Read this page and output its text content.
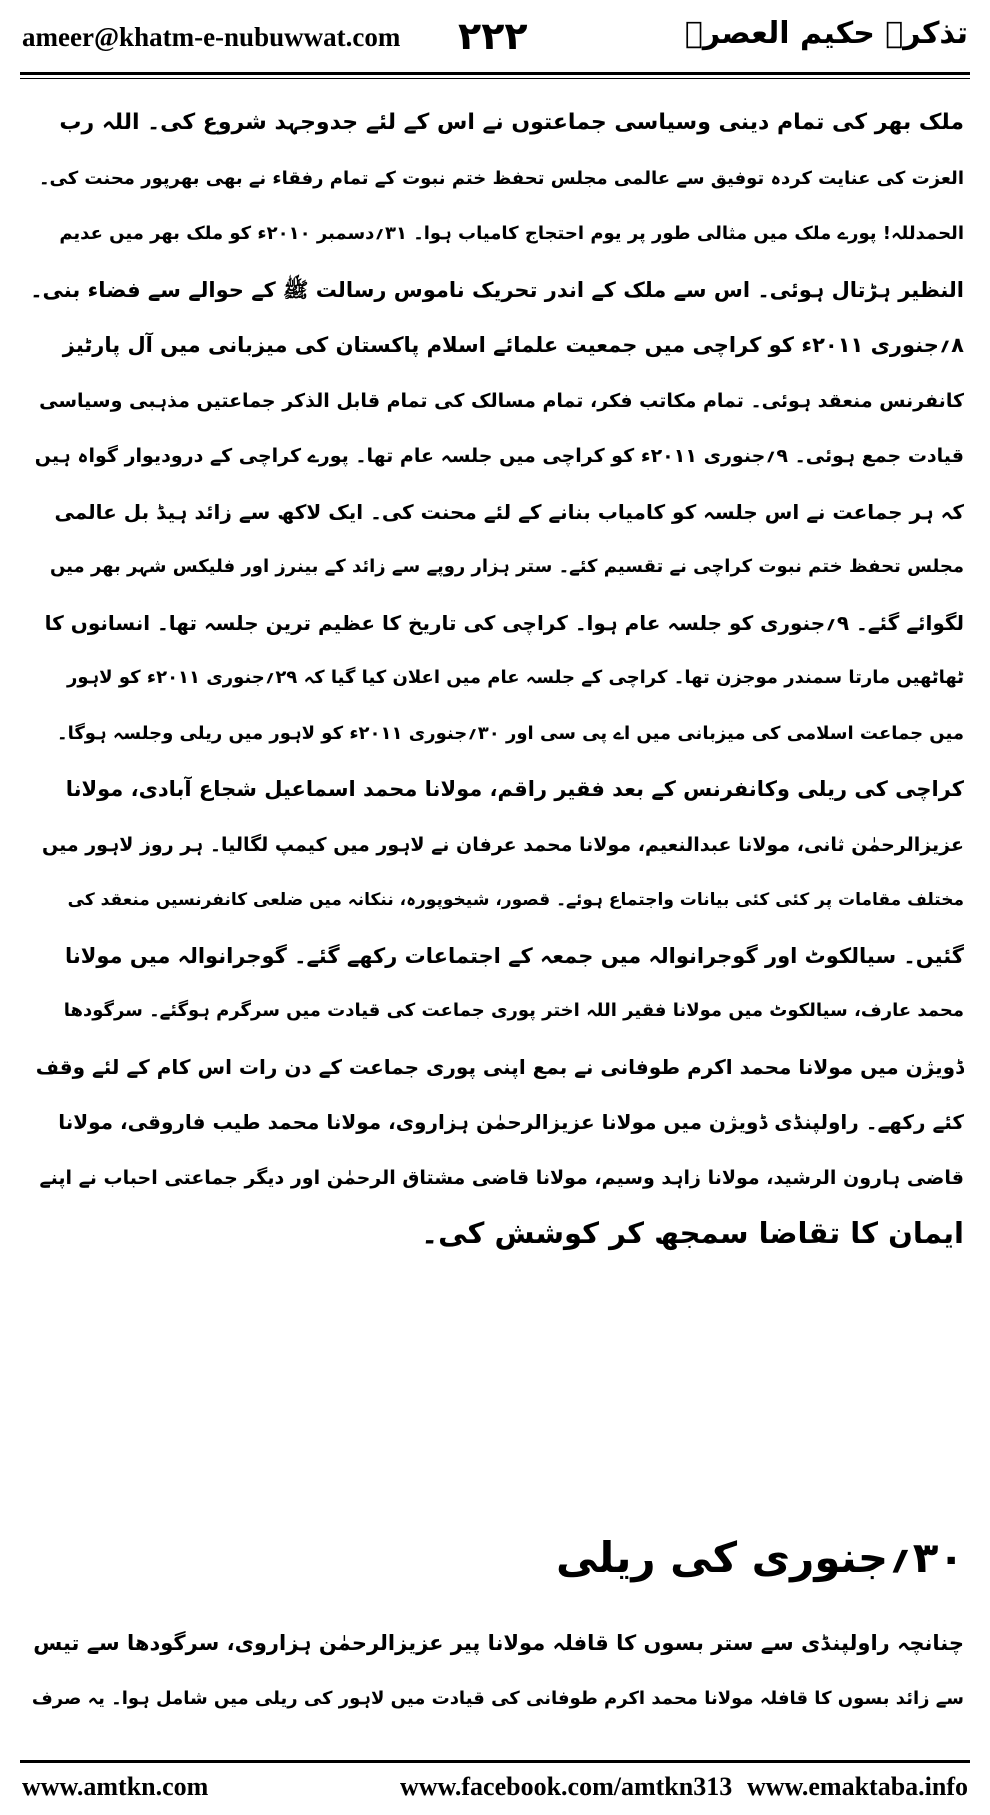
ameer@khatm-e-nubuwwat.com ۲۲۲	تذکرہ حکیم العصرؒ
ملک بھر کی تمام دینی وسیاسی جماعتوں نے اس کے لئے جدوجہد شروع کی۔ اللہ رب
العزت کی عنایت کردہ توفیق سے عالمی مجلس تحفظ ختم نبوت کے تمام رفقاء نے بھی بھرپور محنت کی۔
الحمدللہ! پورے ملک میں مثالی طور پر یوم احتجاج کامیاب ہوا۔ ۳۱؍دسمبر ۲۰۱۰ء کو ملک بھر میں عدیم
النظیر ہڑتال ہوئی۔ اس سے ملک کے اندر تحریک ناموس رسالت ﷺ کے حوالے سے فضاء بنی۔
۸؍جنوری ۲۰۱۱ء کو کراچی میں جمعیت علمائے اسلام پاکستان کی میزبانی میں آل پارٹیز
کانفرنس منعقد ہوئی۔ تمام مکاتب فکر، تمام مسالک کی تمام قابل الذکر جماعتیں مذہبی وسیاسی
قیادت جمع ہوئی۔ ۹؍جنوری ۲۰۱۱ء کو کراچی میں جلسہ عام تھا۔ پورے کراچی کے درودیوار گواہ ہیں
کہ ہر جماعت نے اس جلسہ کو کامیاب بنانے کے لئے محنت کی۔ ایک لاکھ سے زائد ہیڈ بل عالمی
مجلس تحفظ ختم نبوت کراچی نے تقسیم کئے۔ ستر ہزار روپے سے زائد کے بینرز اور فلیکس شہر بھر میں
لگوائے گئے۔ ۹؍جنوری کو جلسہ عام ہوا۔ کراچی کی تاریخ کا عظیم ترین جلسہ تھا۔ انسانوں کا
ٹھاٹھیں مارتا سمندر موجزن تھا۔ کراچی کے جلسہ عام میں اعلان کیا گیا کہ ۲۹؍جنوری ۲۰۱۱ء کو لاہور
میں جماعت اسلامی کی میزبانی میں اے پی سی اور ۳۰؍جنوری ۲۰۱۱ء کو لاہور میں ریلی وجلسہ ہوگا۔
کراچی کی ریلی وکانفرنس کے بعد فقیر راقم، مولانا محمد اسماعیل شجاع آبادی، مولانا
عزیزالرحمٰن ثانی، مولانا عبدالنعیم، مولانا محمد عرفان نے لاہور میں کیمپ لگالیا۔ ہر روز لاہور میں
مختلف مقامات پر کئی کئی بیانات واجتماع ہوئے۔ قصور، شیخوپورہ، ننکانہ میں ضلعی کانفرنسیں منعقد کی
گئیں۔ سیالکوٹ اور گوجرانوالہ میں جمعہ کے اجتماعات رکھے گئے۔ گوجرانوالہ میں مولانا
محمد عارف، سیالکوٹ میں مولانا فقیر اللہ اختر پوری جماعت کی قیادت میں سرگرم ہوگئے۔ سرگودھا
ڈویژن میں مولانا محمد اکرم طوفانی نے بمع اپنی پوری جماعت کے دن رات اس کام کے لئے وقف
کئے رکھے۔ راولپنڈی ڈویژن میں مولانا عزیزالرحمٰن ہزاروی، مولانا محمد طیب فاروقی، مولانا
قاضی ہارون الرشید، مولانا زاہد وسیم، مولانا قاضی مشتاق الرحمٰن اور دیگر جماعتی احباب نے اپنے
ایمان کا تقاضا سمجھ کر کوشش کی۔
۳۰؍جنوری کی ریلی
چنانچہ راولپنڈی سے ستر بسوں کا قافلہ مولانا پیر عزیزالرحمٰن ہزاروی، سرگودھا سے تیس
سے زائد بسوں کا قافلہ مولانا محمد اکرم طوفانی کی قیادت میں لاہور کی ریلی میں شامل ہوا۔ یہ صرف
www.amtkn.com	www.facebook.com/amtkn313 www.emaktaba.info
